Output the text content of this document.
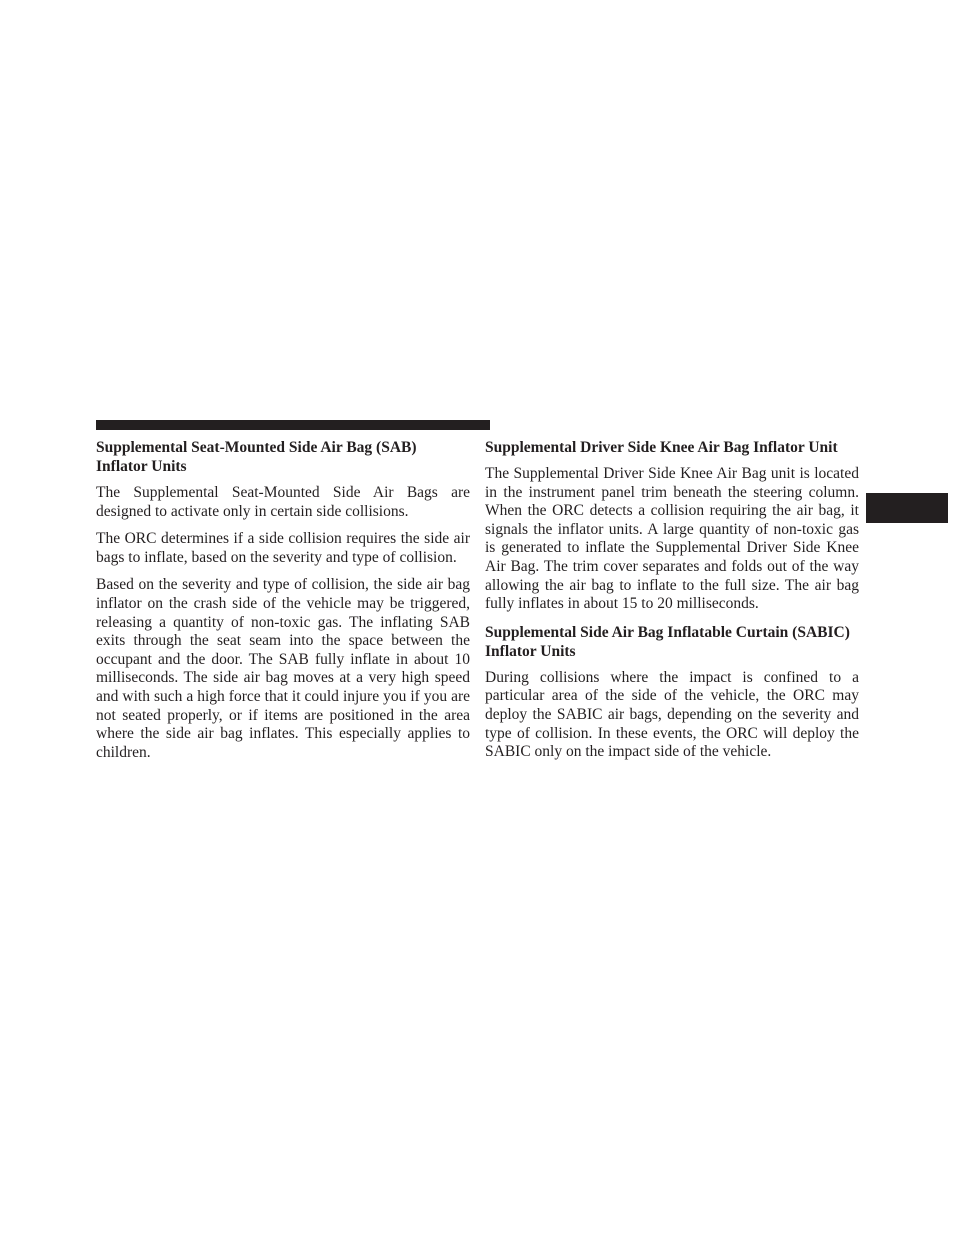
Supplemental Seat-Mounted Side Air Bag (SAB) Inflator Units

The Supplemental Seat-Mounted Side Air Bags are designed to activate only in certain side collisions.

The ORC determines if a side collision requires the side air bags to inflate, based on the severity and type of collision.

Based on the severity and type of collision, the side air bag inflator on the crash side of the vehicle may be triggered, releasing a quantity of non-toxic gas. The inflating SAB exits through the seat seam into the space between the occupant and the door. The SAB fully inflate in about 10 milliseconds. The side air bag moves at a very high speed and with such a high force that it could injure you if you are not seated properly, or if items are positioned in the area where the side air bag inflates. This especially applies to children.

Supplemental Driver Side Knee Air Bag Inflator Unit

The Supplemental Driver Side Knee Air Bag unit is located in the instrument panel trim beneath the steering column. When the ORC detects a collision requiring the air bag, it signals the inflator units. A large quantity of non-toxic gas is generated to inflate the Supplemental Driver Side Knee Air Bag. The trim cover separates and folds out of the way allowing the air bag to inflate to the full size. The air bag fully inflates in about 15 to 20 milliseconds.

Supplemental Side Air Bag Inflatable Curtain (SABIC) Inflator Units

During collisions where the impact is confined to a particular area of the side of the vehicle, the ORC may deploy the SABIC air bags, depending on the severity and type of collision. In these events, the ORC will deploy the SABIC only on the impact side of the vehicle.
